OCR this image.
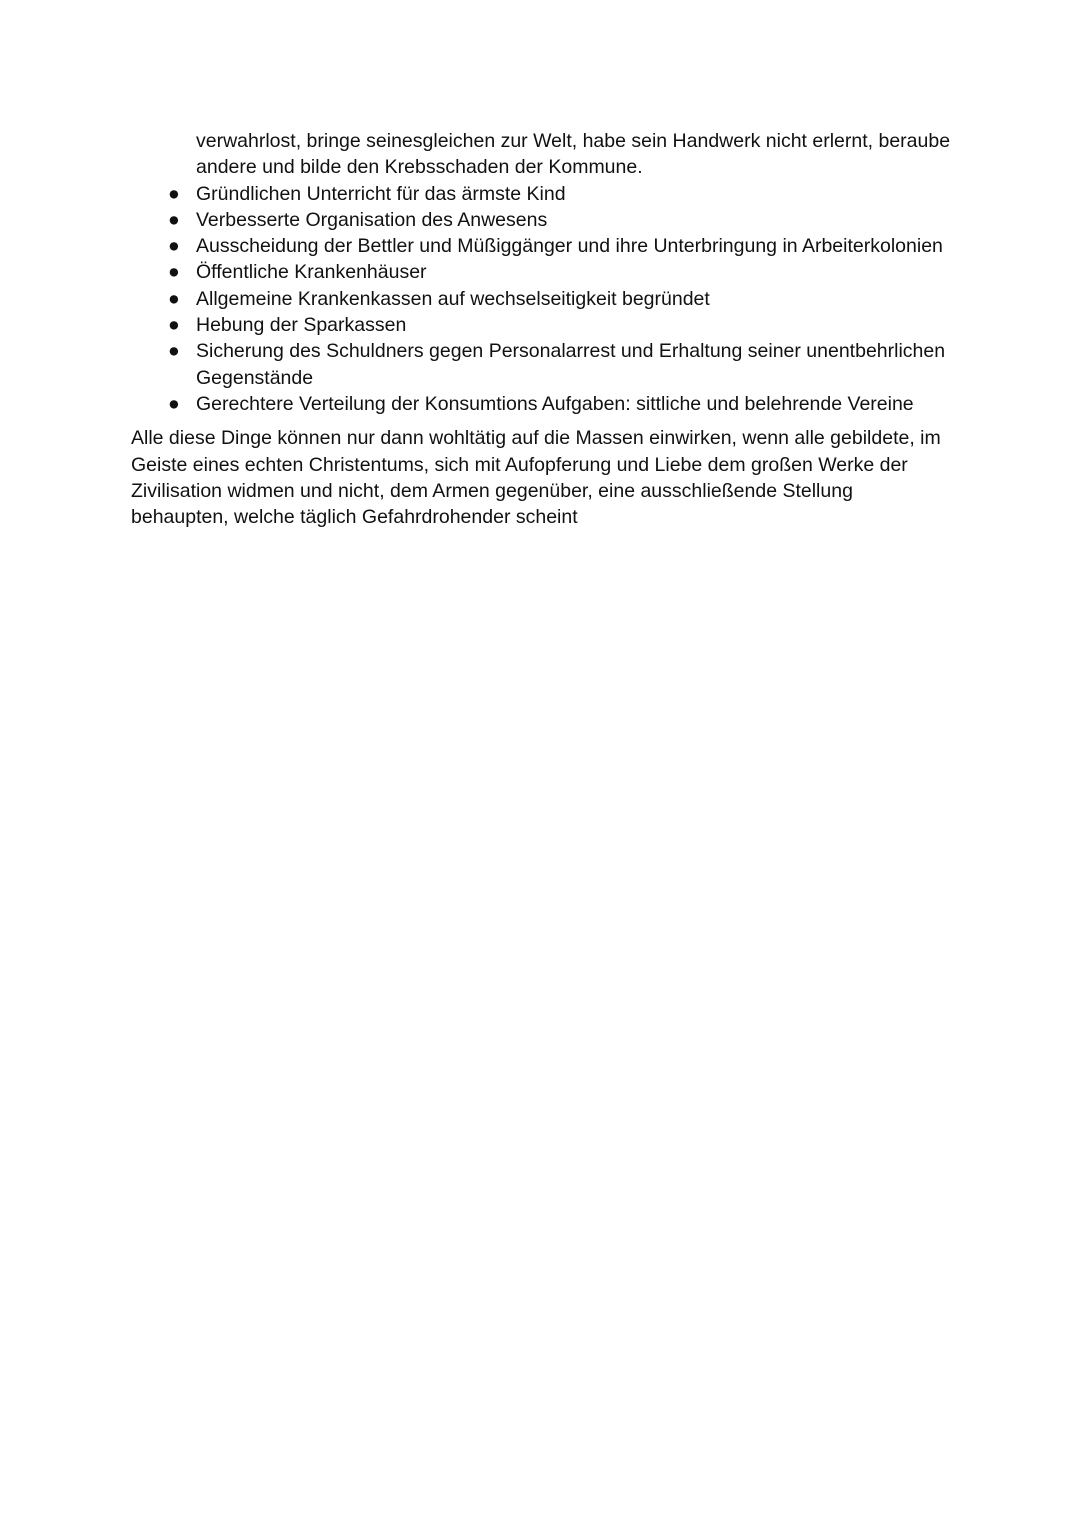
verwahrlost, bringe seinesgleichen zur Welt, habe sein Handwerk nicht erlernt, beraube andere und bilde den Krebsschaden der Kommune.

● Gründlichen Unterricht für das ärmste Kind
● Verbesserte Organisation des Anwesens
● Ausscheidung der Bettler und Müßiggänger und ihre Unterbringung in Arbeiterkolonien
● Öffentliche Krankenhäuser
● Allgemeine Krankenkassen auf wechselseitigkeit begründet
● Hebung der Sparkassen
● Sicherung des Schuldners gegen Personalarrest und Erhaltung seiner unentbehrlichen Gegenstände
● Gerechtere Verteilung der Konsumtions Aufgaben: sittliche und belehrende Vereine

Alle diese Dinge können nur dann wohltätig auf die Massen einwirken, wenn alle gebildete, im Geiste eines echten Christentums, sich mit Aufopferung und Liebe dem großen Werke der Zivilisation widmen und nicht, dem Armen gegenüber, eine ausschließende Stellung behaupten, welche täglich Gefahrdrohender scheint
